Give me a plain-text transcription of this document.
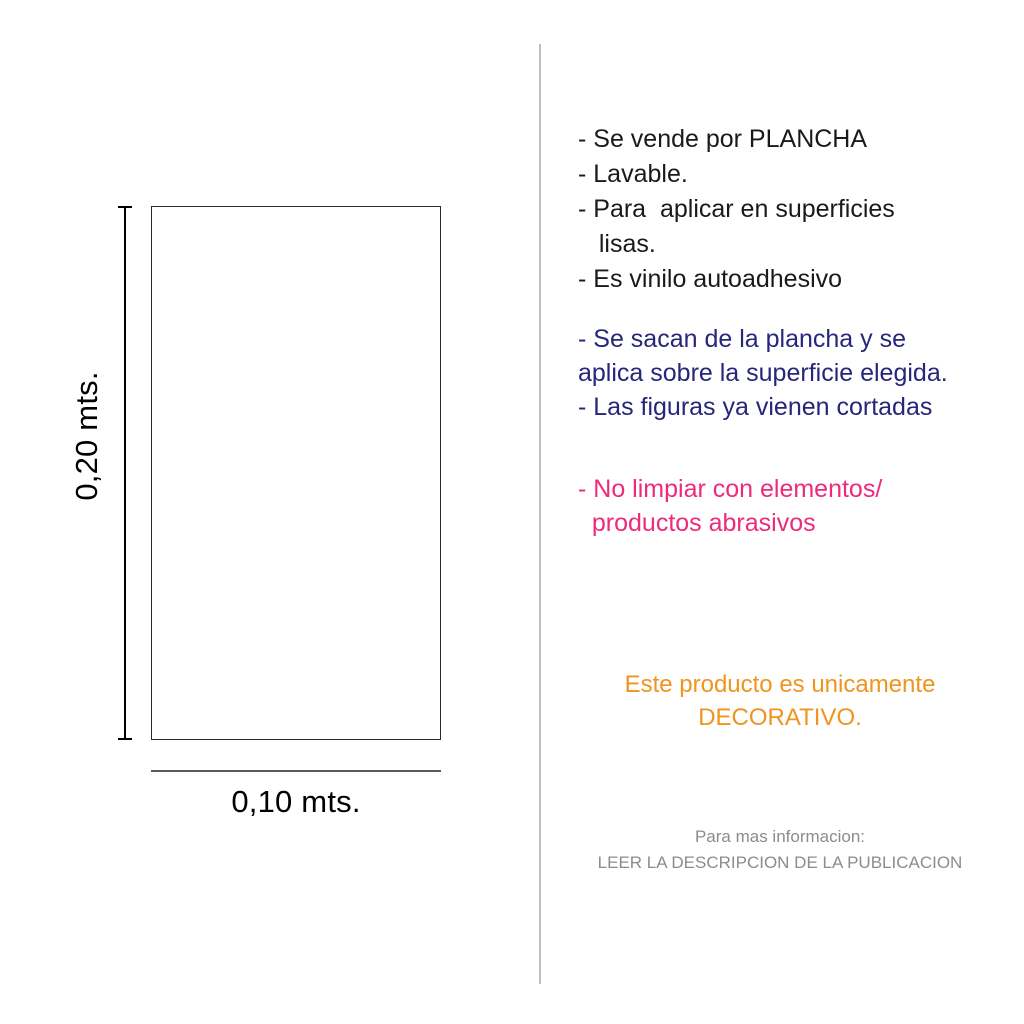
0,20 mts.
0,10 mts.
- Se vende por PLANCHA
- Lavable.
- Para  aplicar en superficies
lisas.
- Es vinilo autoadhesivo
- Se sacan de la plancha y se
aplica sobre la superficie elegida.
- Las figuras ya vienen cortadas
- No limpiar con elementos/
productos abrasivos
Este producto es unicamente
DECORATIVO.
Para mas informacion:
LEER LA DESCRIPCION DE LA PUBLICACION
